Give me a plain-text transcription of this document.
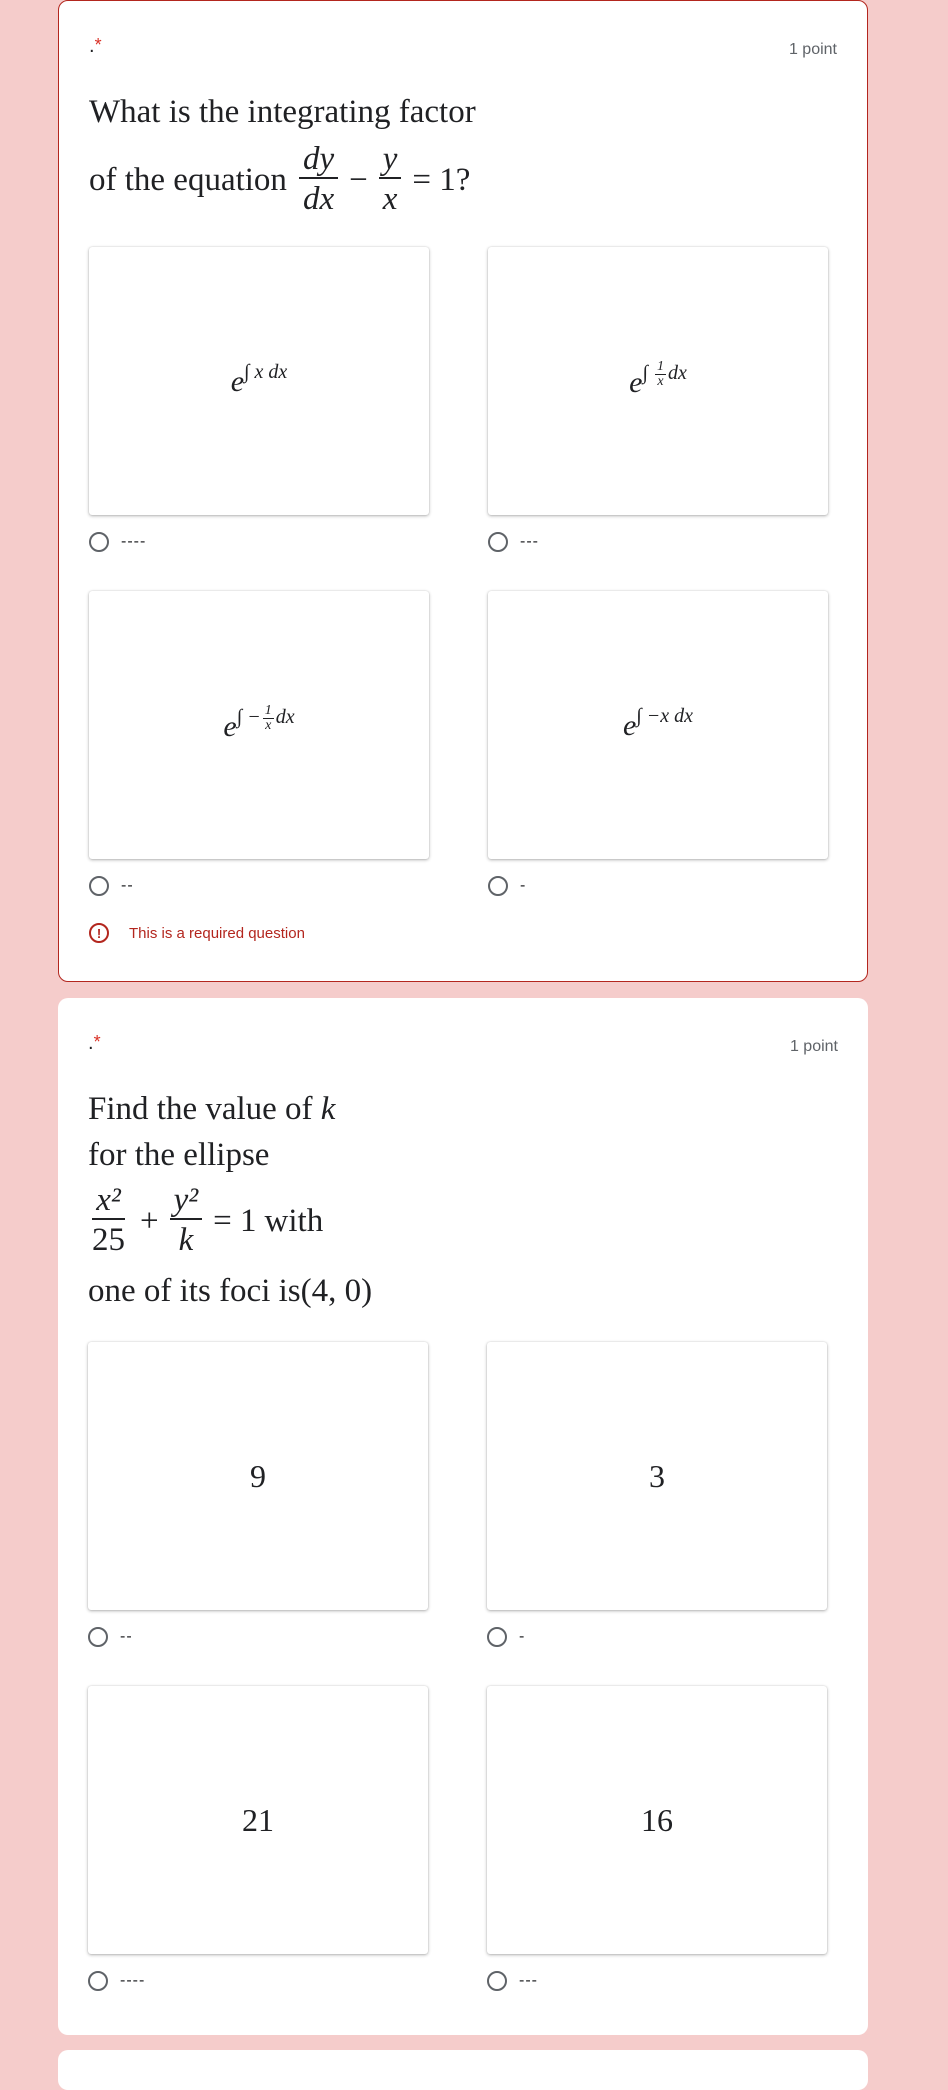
.*	1 point
What is the integrating factor
of the equation $\frac{dy}{dx} - \frac{y}{x} = 1$?
$e^{\int x dx}$
----
$e^{\int \frac{1}{x} dx}$
---
$e^{\int - \frac{1}{x} dx}$
--
$e^{\int -x dx}$
-
!	This is a required question
.*	1 point
Find the value of k
for the ellipse
$\frac{\text{x²}}{25} + \frac{\text{y²}}{k} = 1$ with
one of its foci is(4, 0)
9
--
3
-
21
----
16
---
